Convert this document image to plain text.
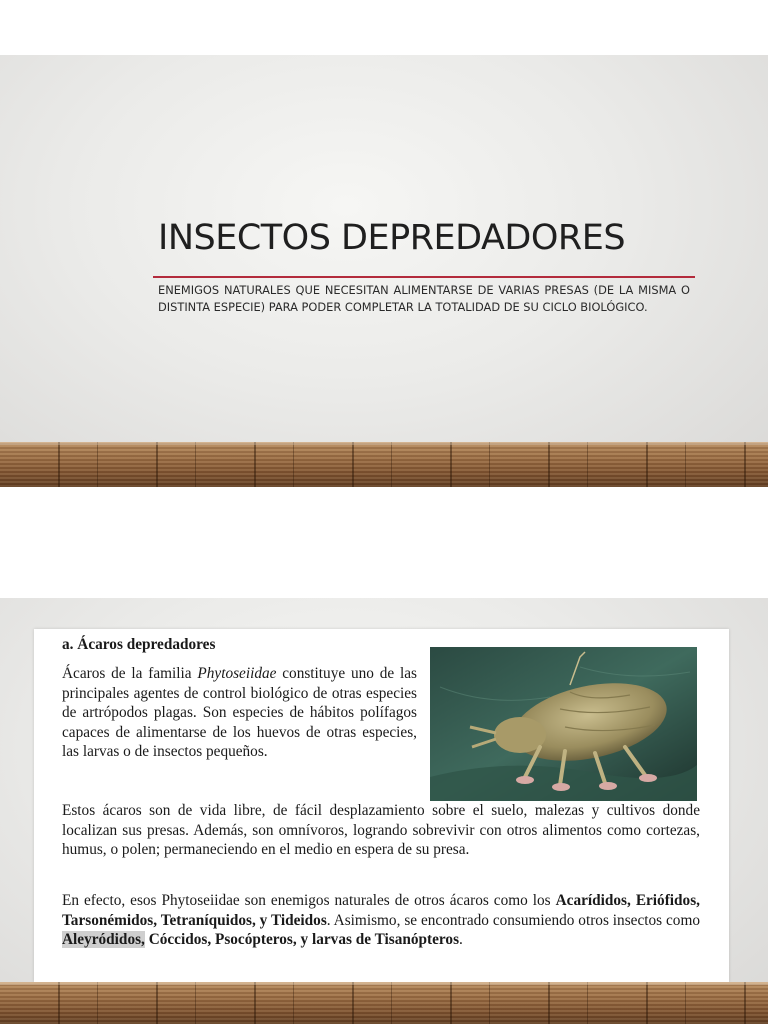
INSECTOS DEPREDADORES

ENEMIGOS NATURALES QUE NECESITAN ALIMENTARSE DE VARIAS PRESAS (DE LA MISMA O DISTINTA ESPECIE) PARA PODER COMPLETAR LA TOTALIDAD DE SU CICLO BIOLÓGICO.

a. Ácaros depredadores

Ácaros de la familia Phytoseiidae constituye uno de las principales agentes de control biológico de otras especies de artrópodos plagas. Son especies de hábitos polífagos capaces de alimentarse de los huevos de otras especies, las larvas o de insectos pequeños.

Estos ácaros son de vida libre, de fácil desplazamiento sobre el suelo, malezas y cultivos donde localizan sus presas. Además, son omnívoros, logrando sobrevivir con otros alimentos como cortezas, humus, o polen; permaneciendo en el medio en espera de su presa.

En efecto, esos Phytoseiidae son enemigos naturales de otros ácaros como los Acarídidos, Eriófidos, Tarsonémidos, Tetraníquidos, y Tideidos. Asimismo, se encontrado consumiendo otros insectos como Aleyródidos, Cóccidos, Psocópteros, y larvas de Tisanópteros.
